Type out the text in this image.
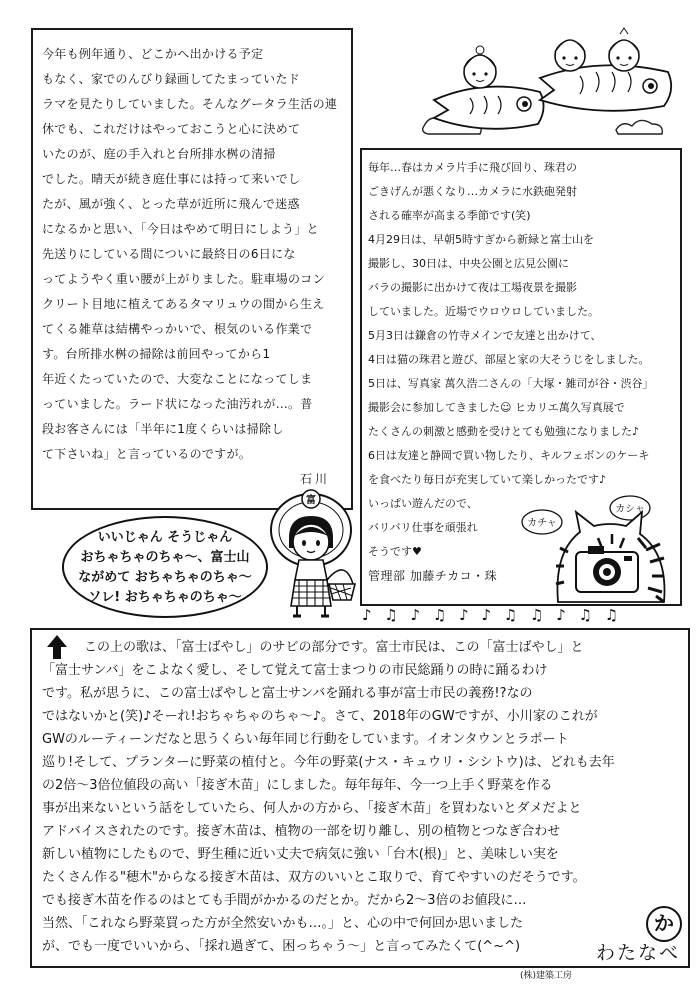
今年も例年通り、どこかへ出かける予定
もなく、家でのんびり録画してたまっていたド
ラマを見たりしていました。そんなグータラ生活の連
休でも、これだけはやっておこうと心に決めて
いたのが、庭の手入れと台所排水桝の清掃
でした。晴天が続き庭仕事には持って来いでし
たが、風が強く、とった草が近所に飛んで迷惑
になるかと思い、「今日はやめて明日にしよう」と
先送りにしている間についに最終日の6日にな
ってようやく重い腰が上がりました。駐車場のコン
クリート目地に植えてあるタマリュウの間から生え
てくる雑草は結構やっかいで、根気のいる作業で
す。台所排水桝の掃除は前回やってから1
年近くたっていたので、大変なことになってしま
っていました。ラード状になった油汚れが…。普
段お客さんには「半年に1度くらいは掃除し
て下さいね」と言っているのですが。
石川
毎年…春はカメラ片手に飛び回り、珠君の
ごきげんが悪くなり…カメラに水鉄砲発射
される確率が高まる季節です(笑)
4月29日は、早朝5時すぎから新緑と富士山を
撮影し、30日は、中央公園と広見公園に
バラの撮影に出かけて夜は工場夜景を撮影
していました。近場でウロウロしていました。
5月3日は鎌倉の竹寺メインで友達と出かけて、
4日は猫の珠君と遊び、部屋と家の大そうじをしました。
5日は、写真家 萬久浩二さんの「大塚・雑司が谷・渋谷」
撮影会に参加してきました☺ ヒカリエ萬久写真展で
たくさんの刺激と感動を受けとても勉強になりました♪
6日は友達と静岡で買い物したり、キルフェボンのケーキ
を食べたり毎日が充実していて楽しかったです♪
いっぱい遊んだので、
バリバリ仕事を頑張れ
そうです♥
管理部 加藤チカコ・珠
カチャ
カシャ
いいじゃん そうじゃん
おちゃちゃのちゃ～、富士山
ながめて おちゃちゃのちゃ～
ソレ! おちゃちゃのちゃ～
富
♪ ♫ ♪ ♫ ♪ ♪ ♫ ♫ ♪ ♫ ♫
この上の歌は、「富士ばやし」のサビの部分です。富士市民は、この「富士ばやし」と
「富士サンバ」をこよなく愛し、そして覚えて富士まつりの市民総踊りの時に踊るわけ
です。私が思うに、この富士ばやしと富士サンバを踊れる事が富士市民の義務!?なの
ではないかと(笑)♪そーれ!おちゃちゃのちゃ～♪。さて、2018年のGWですが、小川家のこれが
GWのルーティーンだなと思うくらい毎年同じ行動をしています。イオンタウンとラポート
巡り!そして、プランターに野菜の植付と。今年の野菜(ナス・キュウリ・シシトウ)は、どれも去年
の2倍～3倍位値段の高い「接ぎ木苗」にしました。毎年毎年、今一つ上手く野菜を作る
事が出来ないという話をしていたら、何人かの方から、「接ぎ木苗」を買わないとダメだよと
アドバイスされたのです。接ぎ木苗は、植物の一部を切り離し、別の植物とつなぎ合わせ
新しい植物にしたもので、野生種に近い丈夫で病気に強い「台木(根)」と、美味しい実を
たくさん作る"穂木"からなる接ぎ木苗は、双方のいいとこ取りで、育てやすいのだそうです。
でも接ぎ木苗を作るのはとても手間がかかるのだとか。だから2～3倍のお値段に…
当然、「これなら野菜買った方が全然安いかも…。」と、心の中で何回か思いました
が、でも一度でいいから、「採れ過ぎて、困っちゃう～」と言ってみたくて(^~^)
か
わたなべ
(株)建築工房
